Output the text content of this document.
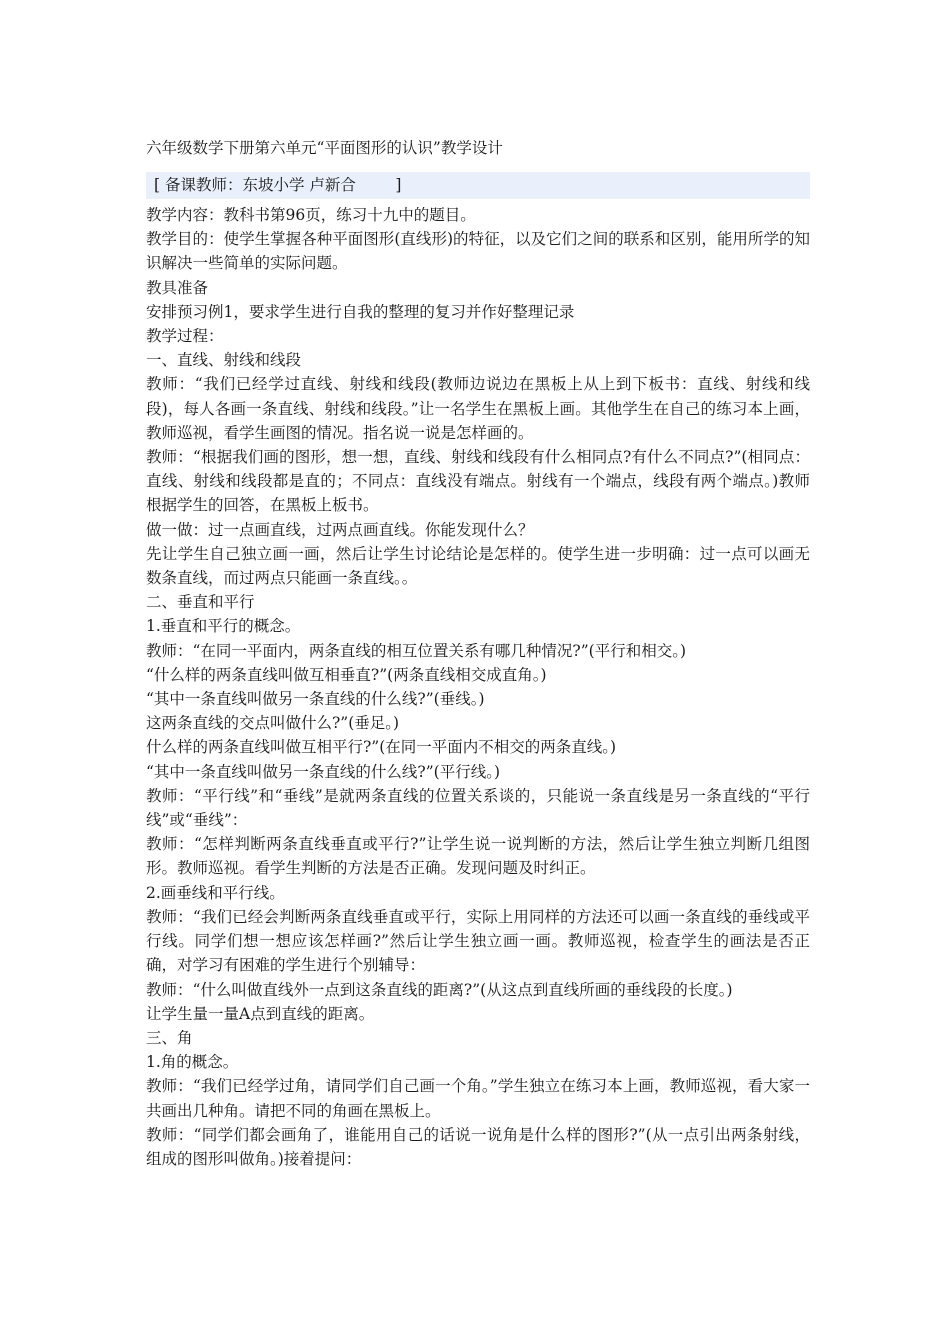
六年级数学下册第六单元“平面图形的认识”教学设计
[ 备课教师：东坡小学 卢新合        ]

教学内容：教科书第96页，练习十九中的题目。

教学目的：使学生掌握各种平面图形(直线形)的特征，以及它们之间的联系和区别，能用所学的知识解决一些简单的实际问题。

教具准备

安排预习例1，要求学生进行自我的整理的复习并作好整理记录

教学过程：

一、直线、射线和线段

教师：“我们已经学过直线、射线和线段(教师边说边在黑板上从上到下板书：直线、射线和线段)，每人各画一条直线、射线和线段。”让一名学生在黑板上画。其他学生在自己的练习本上画，教师巡视，看学生画图的情况。指名说一说是怎样画的。

教师：“根据我们画的图形，想一想，直线、射线和线段有什么相同点?有什么不同点?”(相同点：直线、射线和线段都是直的；不同点：直线没有端点。射线有一个端点，线段有两个端点。)教师根据学生的回答，在黑板上板书。

做一做：过一点画直线，过两点画直线。你能发现什么？

先让学生自己独立画一画，然后让学生讨论结论是怎样的。使学生进一步明确：过一点可以画无数条直线，而过两点只能画一条直线。。

二、垂直和平行

1.垂直和平行的概念。

教师：“在同一平面内，两条直线的相互位置关系有哪几种情况?”(平行和相交。)

“什么样的两条直线叫做互相垂直?”(两条直线相交成直角。)

“其中一条直线叫做另一条直线的什么线?”(垂线。)

这两条直线的交点叫做什么?”(垂足。)

什么样的两条直线叫做互相平行?”(在同一平面内不相交的两条直线。)

“其中一条直线叫做另一条直线的什么线?”(平行线。)

教师：“平行线”和“垂线”是就两条直线的位置关系谈的，只能说一条直线是另一条直线的“平行线”或“垂线”：

教师：“怎样判断两条直线垂直或平行?”让学生说一说判断的方法，然后让学生独立判断几组图形。教师巡视。看学生判断的方法是否正确。发现问题及时纠正。

2.画垂线和平行线。

教师：“我们已经会判断两条直线垂直或平行，实际上用同样的方法还可以画一条直线的垂线或平行线。同学们想一想应该怎样画?”然后让学生独立画一画。教师巡视，检查学生的画法是否正确，对学习有困难的学生进行个别辅导：

教师：“什么叫做直线外一点到这条直线的距离?”(从这点到直线所画的垂线段的长度。)

让学生量一量A点到直线的距离。

三、角

1.角的概念。

教师：“我们已经学过角，请同学们自己画一个角。”学生独立在练习本上画，教师巡视，看大家一共画出几种角。请把不同的角画在黑板上。

教师：“同学们都会画角了，谁能用自己的话说一说角是什么样的图形?”(从一点引出两条射线，组成的图形叫做角。)接着提问：
